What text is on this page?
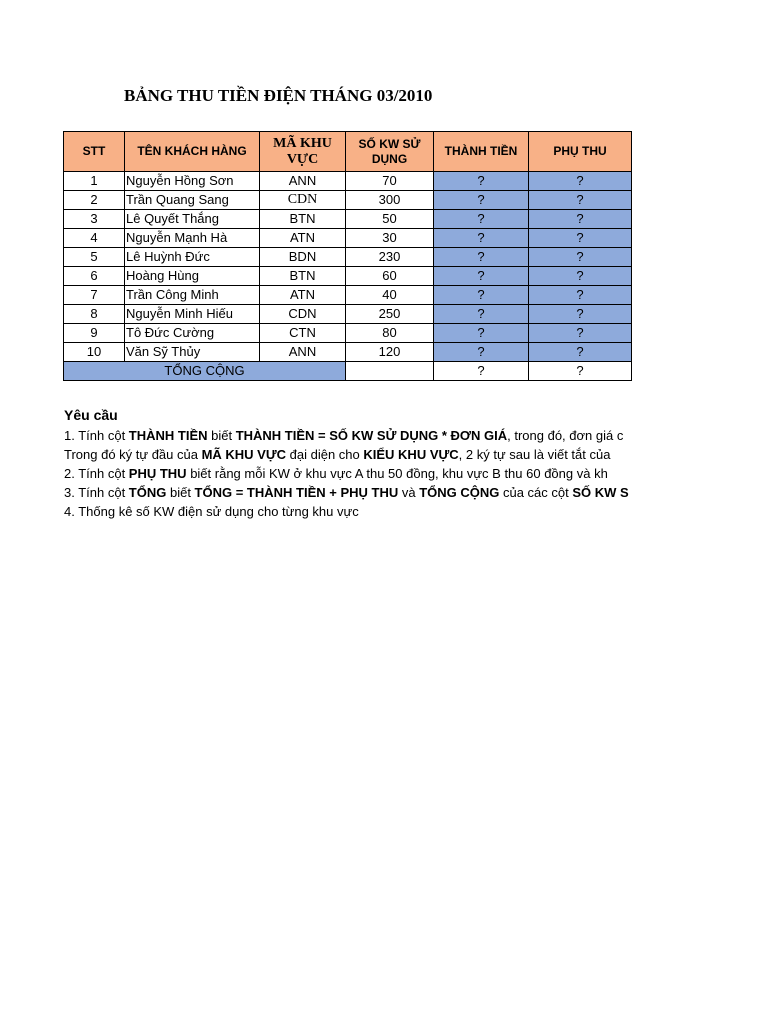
BẢNG THU TIỀN ĐIỆN THÁNG 03/2010
STT	TÊN KHÁCH HÀNG	MÃ KHU VỰC	SỐ KW SỬ DỤNG	THÀNH TIỀN	PHỤ THU
1	Nguyễn Hồng Sơn	ANN	70	?	?
2	Trần Quang Sang	CDN	300	?	?
3	Lê Quyết Thắng	BTN	50	?	?
4	Nguyễn Mạnh Hà	ATN	30	?	?
5	Lê Huỳnh Đức	BDN	230	?	?
6	Hoàng Hùng	BTN	60	?	?
7	Trần Công Minh	ATN	40	?	?
8	Nguyễn Minh Hiếu	CDN	250	?	?
9	Tô Đức Cường	CTN	80	?	?
10	Văn Sỹ Thủy	ANN	120	?	?
TỔNG CỘNG				?	?
Yêu cầu
1. Tính cột THÀNH TIỀN biết THÀNH TIỀN = SỐ KW SỬ DỤNG * ĐƠN GIÁ, trong đó, đơn giá c
Trong đó ký tự đầu của MÃ KHU VỰC đại diện cho KIỂU KHU VỰC, 2 ký tự sau là viết tắt của
2. Tính cột PHỤ THU biết rằng mỗi KW ở khu vực A thu 50 đồng, khu vực B thu 60 đồng và kh
3. Tính cột TỔNG biết TỔNG = THÀNH TIỀN + PHỤ THU và TỔNG CỘNG của các cột SỐ KW S
4. Thống kê số KW điện sử dụng cho từng khu vực
